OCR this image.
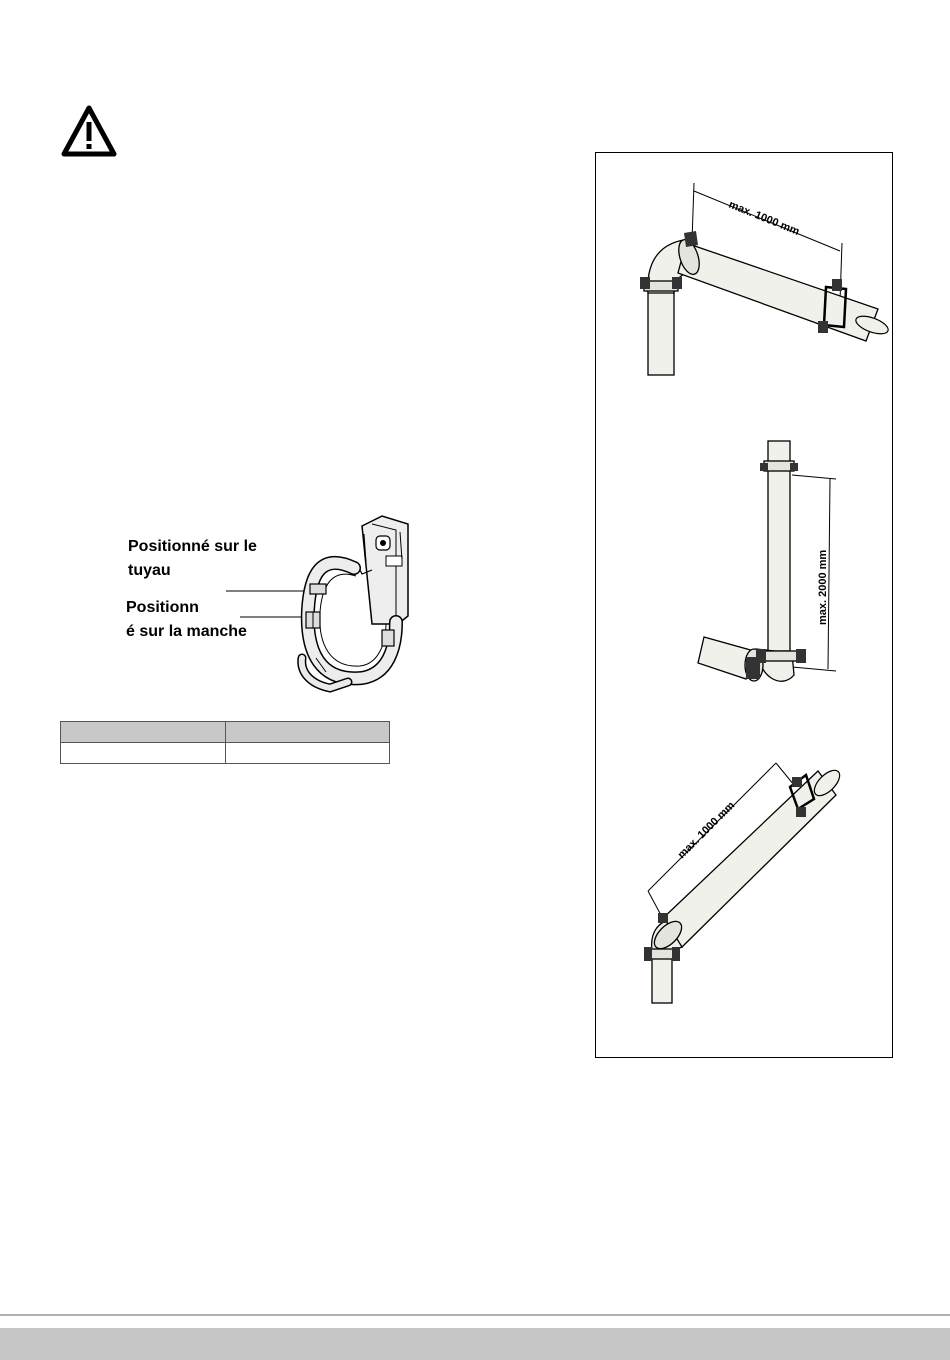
Positionné sur le
tuyau
Positionn
é sur la manche

max. 1000 mm
max. 2000 mm
max. 1000 mm
